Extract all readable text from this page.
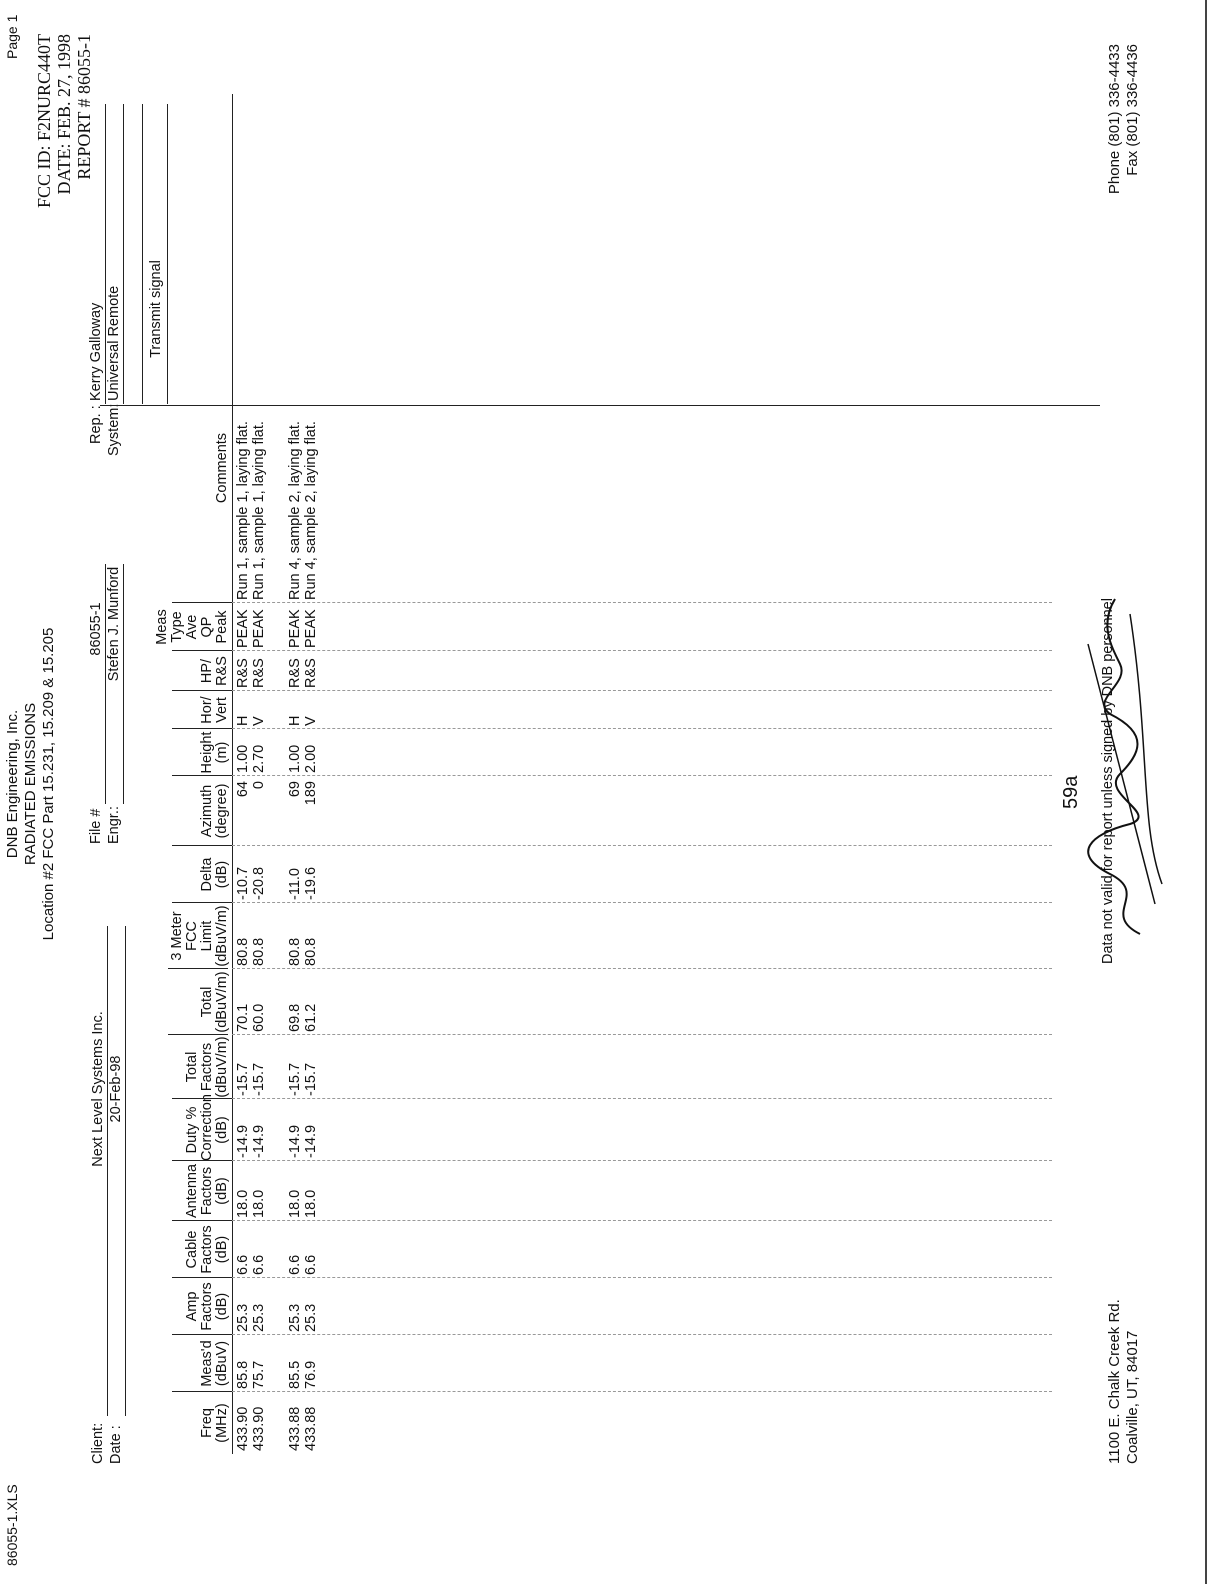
86055-1.XLS
Page 1
DNB Engineering, Inc. RADIATED EMISSIONS Location #2 FCC Part 15.231, 15.209 & 15.205
FCC ID: F2NURC440T DATE: FEB. 27, 1998 REPORT # 86055-1
Client:
Next Level Systems Inc.
Date :
20-Feb-98
File #
86055-1
Engr.:
Stefen J. Munford
Rep. :
Kerry Galloway
System:
Universal Remote Transmit signal
Freq (MHz)
Meas'd (dBuV)
Amp Factors (dB)
Cable Factors (dB)
Antenna Factors (dB)
Duty % Correction (dB)
Total Factors (dBuV/m)
Total (dBuV/m)
3 Meter FCC Limit (dBuV/m)
Delta (dB)
Azimuth (degree)
Height (m)
Hor/ Vert
HP/ R&S
Meas Type Ave QP Peak
Comments
433.90
85.8
25.3
6.6
18.0
-14.9
-15.7
70.1
80.8
-10.7
64
1.00
H
R&S
PEAK
Run 1, sample 1, laying flat.
433.90
75.7
25.3
6.6
18.0
-14.9
-15.7
60.0
80.8
-20.8
0
2.70
V
R&S
PEAK
Run 1, sample 1, laying flat.
433.88
85.5
25.3
6.6
18.0
-14.9
-15.7
69.8
80.8
-11.0
69
1.00
H
R&S
PEAK
Run 4, sample 2, laying flat.
433.88
76.9
25.3
6.6
18.0
-14.9
-15.7
61.2
80.8
-19.6
189
2.00
V
R&S
PEAK
Run 4, sample 2, laying flat.
59a Data not valid for report unless signed by DNB personnel
1100 E. Chalk Creek Rd. Coalville, UT, 84017
Phone (801) 336-4433 Fax (801) 336-4436
